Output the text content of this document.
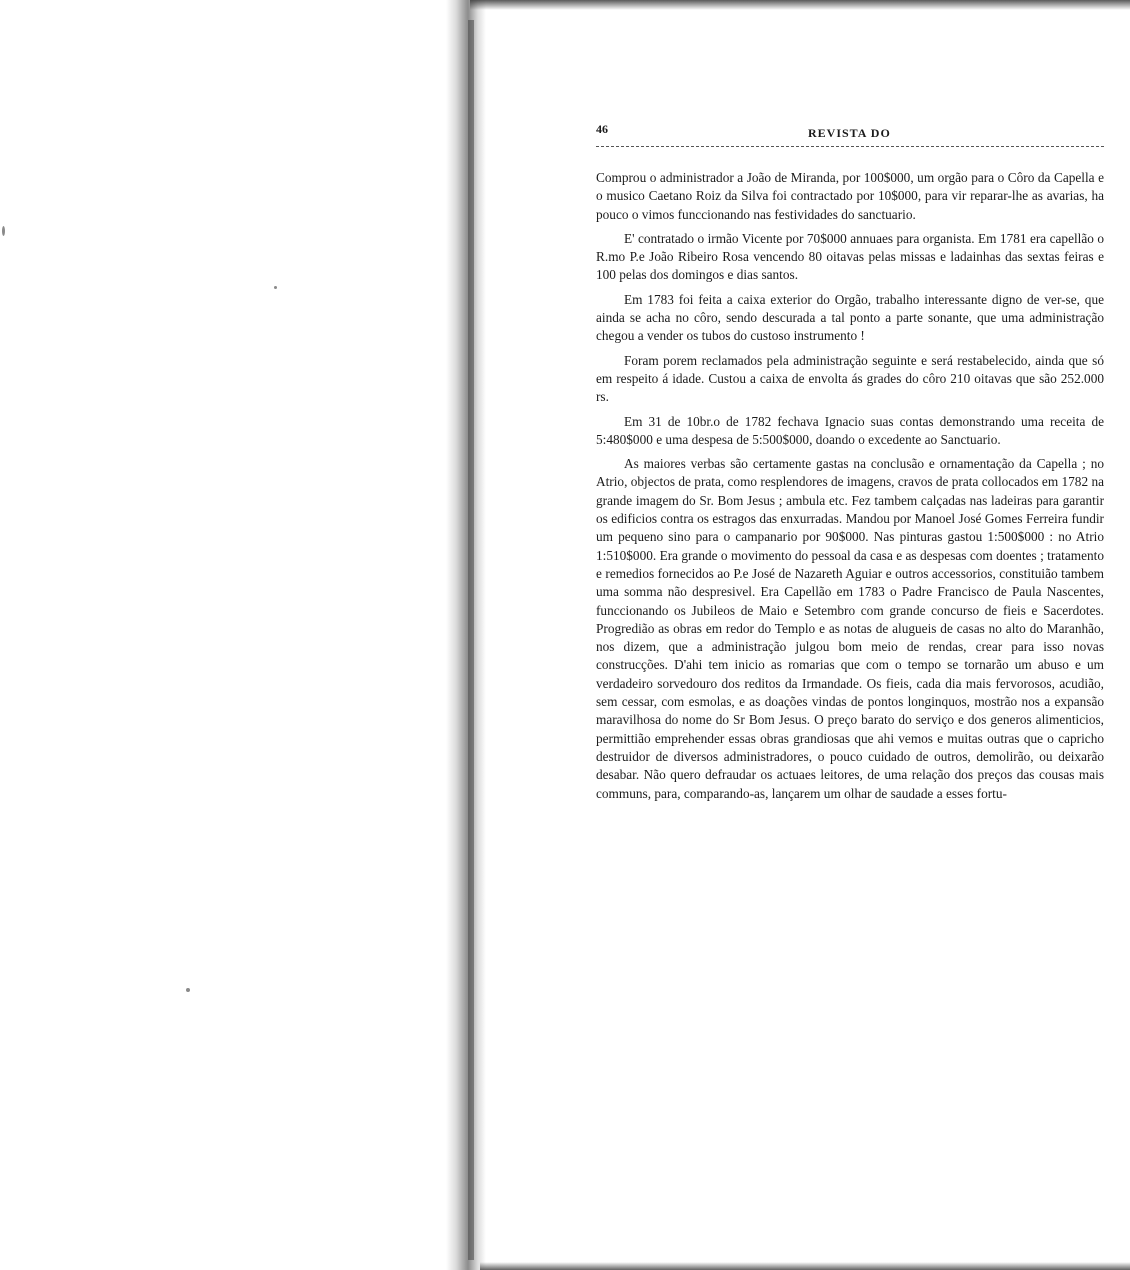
46	REVISTA DO

Comprou o administrador a João de Miranda, por 100$000, um orgão para o Côro da Capella e o musico Caetano Roiz da Silva foi contractado por 10$000, para vir reparar-lhe as avarias, ha pouco o vimos funccionando nas festividades do sanctuario.

E' contratado o irmão Vicente por 70$000 annuaes para organista. Em 1781 era capellão o R.mo P.e João Ribeiro Rosa vencendo 80 oitavas pelas missas e ladainhas das sextas feiras e 100 pelas dos domingos e dias santos.

Em 1783 foi feita a caixa exterior do Orgão, trabalho interessante digno de ver-se, que ainda se acha no côro, sendo descurada a tal ponto a parte sonante, que uma administração chegou a vender os tubos do custoso instrumento !

Foram porem reclamados pela administração seguinte e será restabelecido, ainda que só em respeito á idade. Custou a caixa de envolta ás grades do côro 210 oitavas que são 252.000 rs.

Em 31 de 10br.o de 1782 fechava Ignacio suas contas demonstrando uma receita de 5:480$000 e uma despesa de 5:500$000, doando o excedente ao Sanctuario.

As maiores verbas são certamente gastas na conclusão e ornamentação da Capella ; no Atrio, objectos de prata, como resplendores de imagens, cravos de prata collocados em 1782 na grande imagem do Sr. Bom Jesus ; ambula etc. Fez tambem calçadas nas ladeiras para garantir os edificios contra os estragos das enxurradas. Mandou por Manoel José Gomes Ferreira fundir um pequeno sino para o campanario por 90$000. Nas pinturas gastou 1:500$000 : no Atrio 1:510$000. Era grande o movimento do pessoal da casa e as despesas com doentes ; tratamento e remedios fornecidos ao P.e José de Nazareth Aguiar e outros accessorios, constituião tambem uma somma não despresivel. Era Capellão em 1783 o Padre Francisco de Paula Nascentes, funccionando os Jubileos de Maio e Setembro com grande concurso de fieis e Sacerdotes. Progredião as obras em redor do Templo e as notas de alugueis de casas no alto do Maranhão, nos dizem, que a administração julgou bom meio de rendas, crear para isso novas construcções. D'ahi tem inicio as romarias que com o tempo se tornarão um abuso e um verdadeiro sorvedouro dos reditos da Irmandade. Os fieis, cada dia mais fervorosos, acudião, sem cessar, com esmolas, e as doações vindas de pontos longinquos, mostrão nos a expansão maravilhosa do nome do Sr Bom Jesus. O preço barato do serviço e dos generos alimenticios, permittião emprehender essas obras grandiosas que ahi vemos e muitas outras que o capricho destruidor de diversos administradores, o pouco cuidado de outros, demolirão, ou deixarão desabar. Não quero defraudar os actuaes leitores, de uma relação dos preços das cousas mais communs, para, comparando-as, lançarem um olhar de saudade a esses fortu-
